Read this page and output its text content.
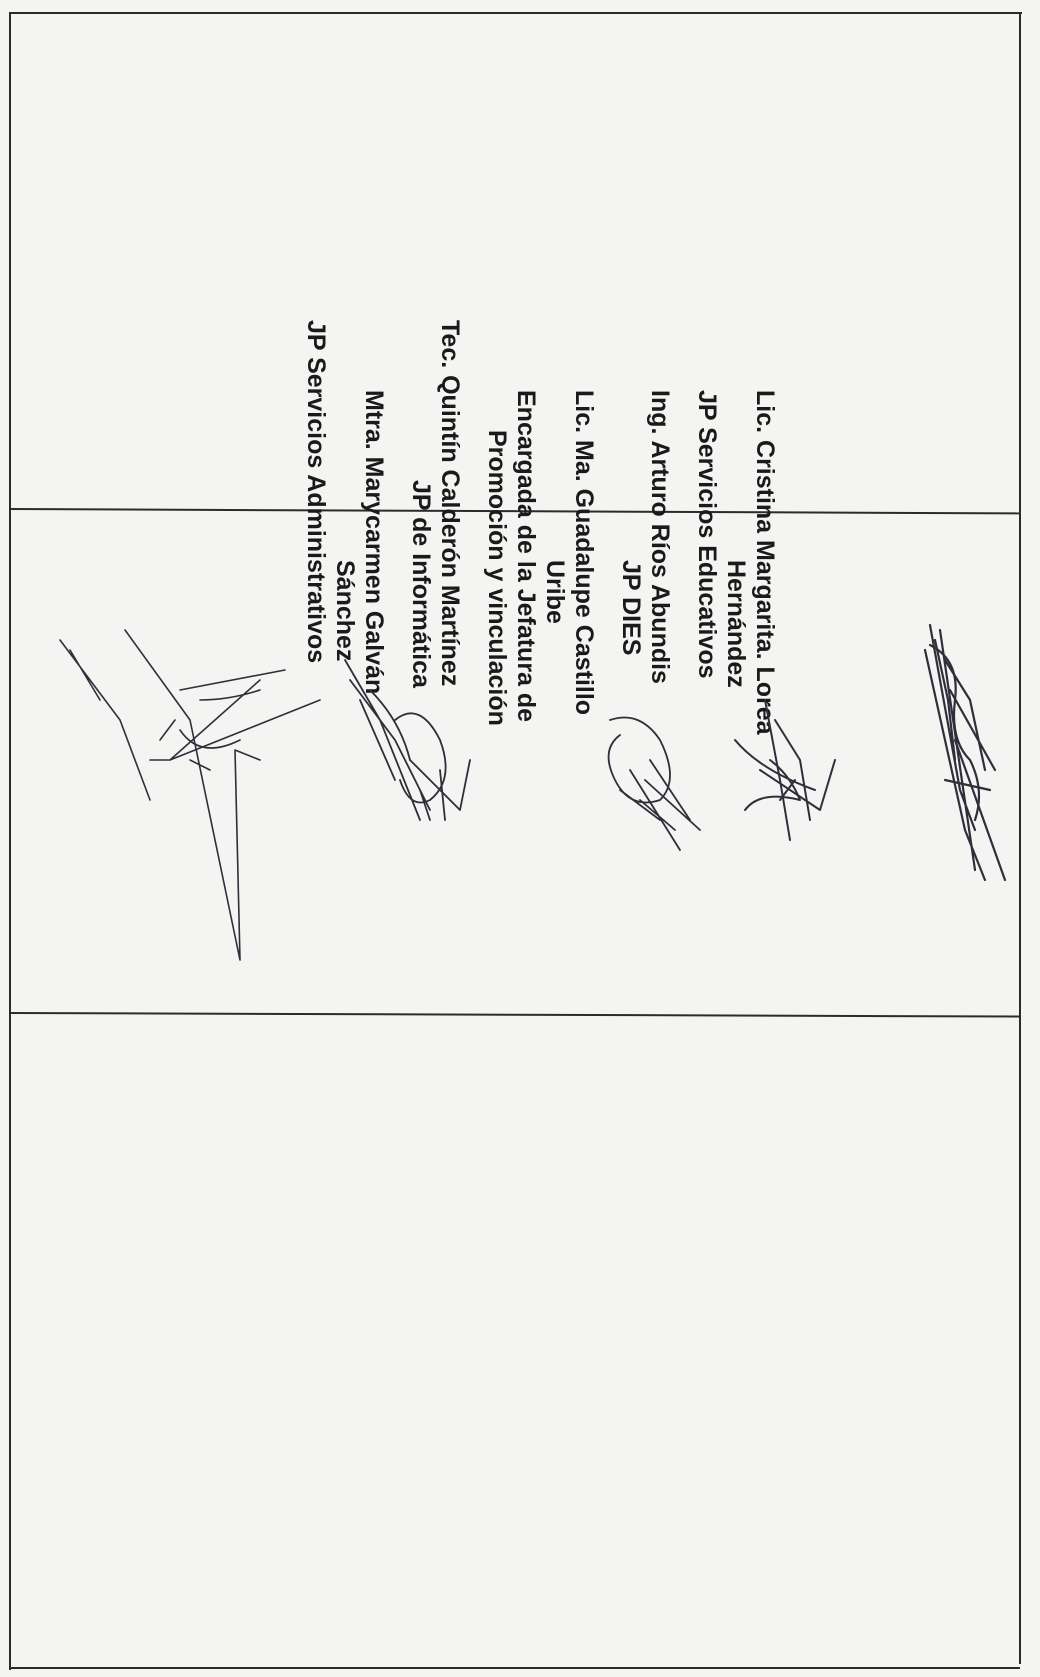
Lic. Cristina Margarita. Lorea
Hernández
JP Servicios Educativos
Ing. Arturo Ríos Abundis
JP DIES
Lic. Ma. Guadalupe Castillo
Uribe
Encargada de la Jefatura de
Promoción y vinculación
Tec. Quintín Calderón Martínez
JP de Informática
Mtra. Marycarmen Galván
Sánchez
JP Servicios Administrativos
